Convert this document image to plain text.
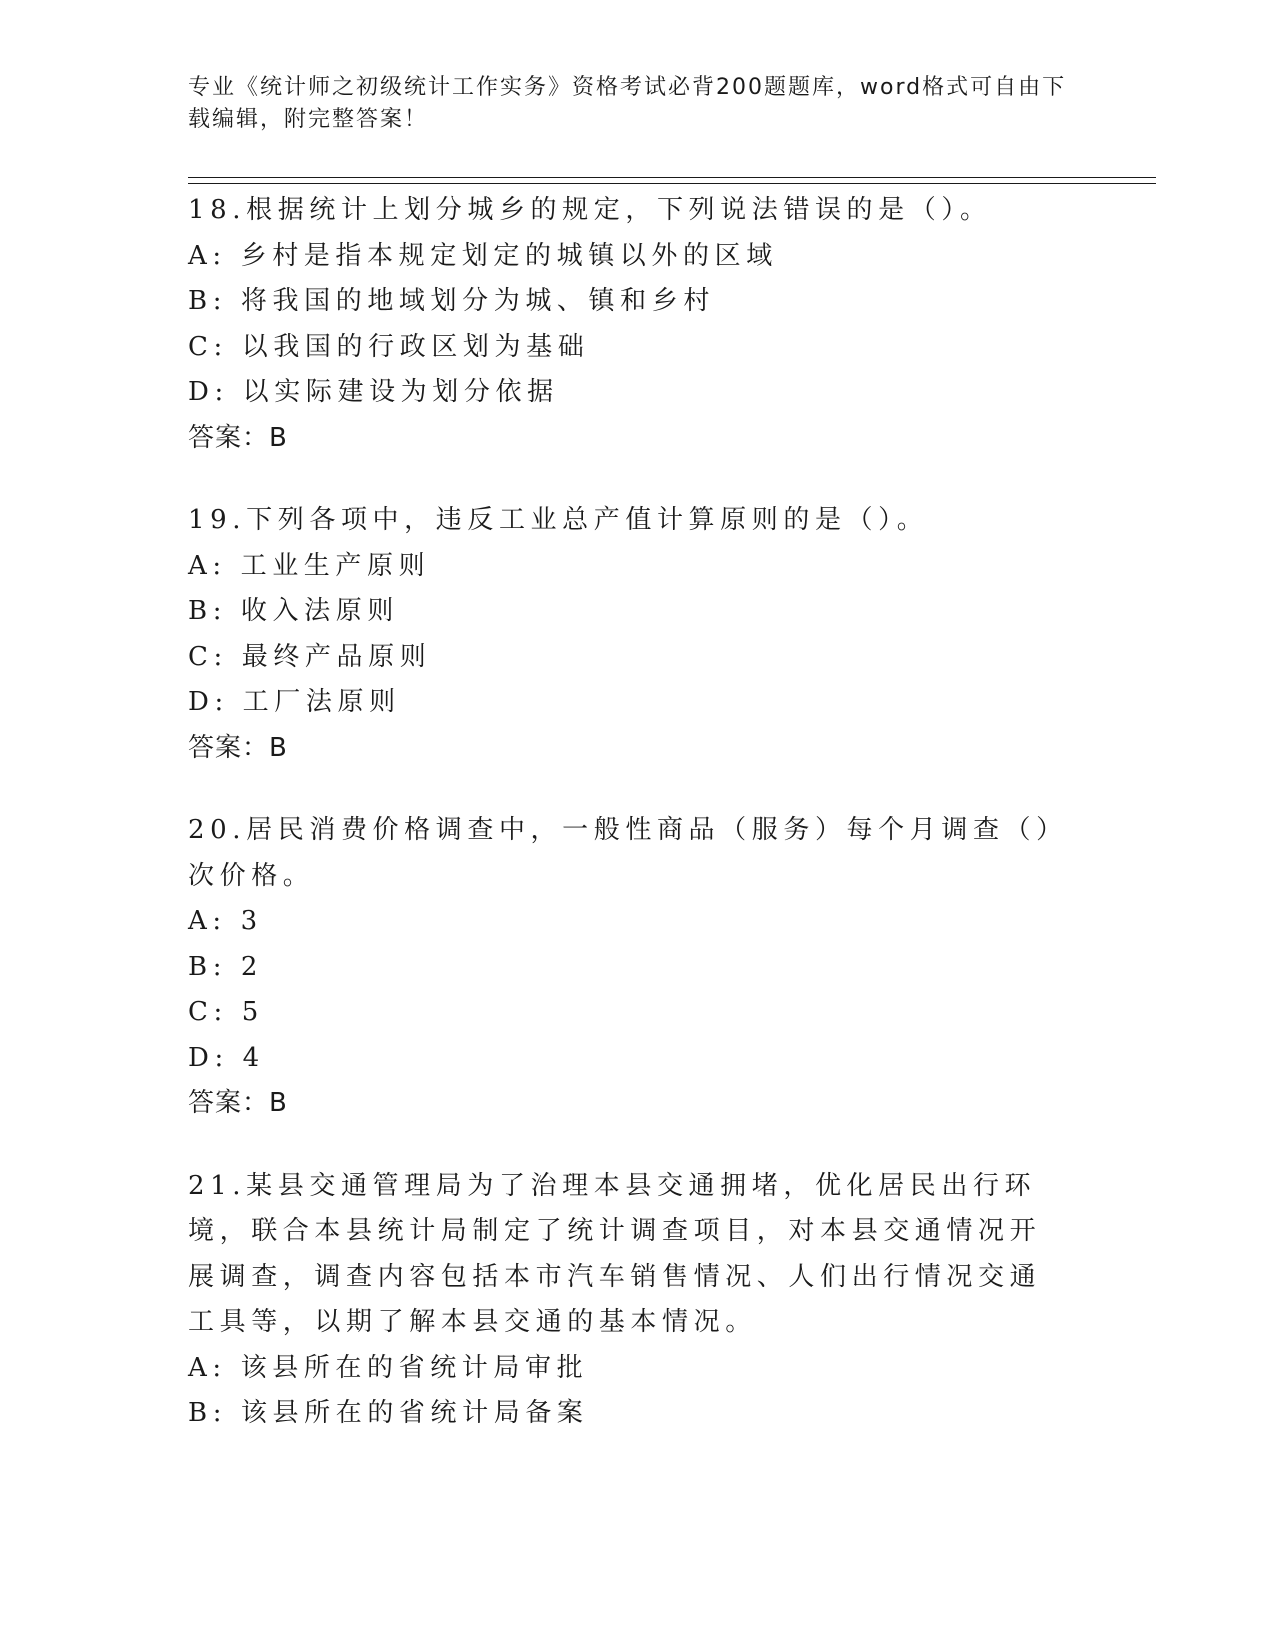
专业《统计师之初级统计工作实务》资格考试必背200题题库，word格式可自由下载编辑，附完整答案！
18.根据统计上划分城乡的规定，下列说法错误的是（）。
A: 乡村是指本规定划定的城镇以外的区域
B: 将我国的地域划分为城、镇和乡村
C: 以我国的行政区划为基础
D: 以实际建设为划分依据
答案：B
19.下列各项中，违反工业总产值计算原则的是（）。
A: 工业生产原则
B: 收入法原则
C: 最终产品原则
D: 工厂法原则
答案：B
20.居民消费价格调查中，一般性商品（服务）每个月调查（）次价格。
A: 3
B: 2
C: 5
D: 4
答案：B
21.某县交通管理局为了治理本县交通拥堵，优化居民出行环境，联合本县统计局制定了统计调查项目，对本县交通情况开展调查，调查内容包括本市汽车销售情况、人们出行情况交通工具等，以期了解本县交通的基本情况。
A: 该县所在的省统计局审批
B: 该县所在的省统计局备案
